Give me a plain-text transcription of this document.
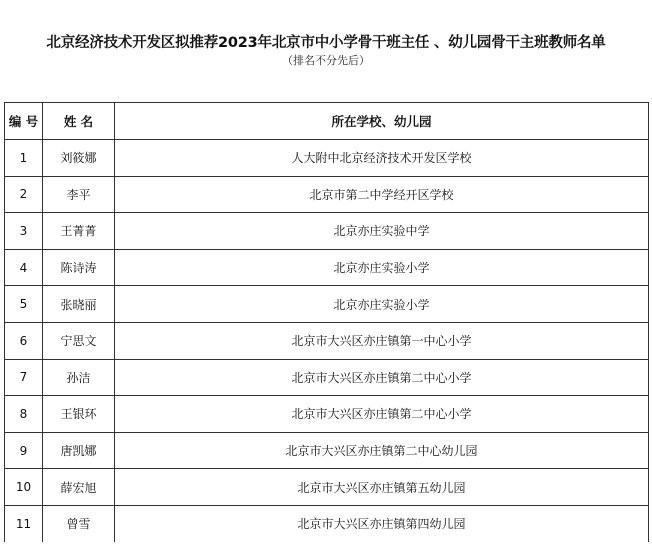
北京经济技术开发区拟推荐2023年北京市中小学骨干班主任 、幼儿园骨干主班教师名单
（排名不分先后）
编 号	姓 名	所在学校、幼儿园
1	刘筱娜	人大附中北京经济技术开发区学校
2	李平	北京市第二中学经开区学校
3	王菁菁	北京亦庄实验中学
4	陈诗涛	北京亦庄实验小学
5	张晓丽	北京亦庄实验小学
6	宁思文	北京市大兴区亦庄镇第一中心小学
7	孙洁	北京市大兴区亦庄镇第二中心小学
8	王银环	北京市大兴区亦庄镇第二中心小学
9	唐凯娜	北京市大兴区亦庄镇第二中心幼儿园
10	薛宏旭	北京市大兴区亦庄镇第五幼儿园
11	曾雪	北京市大兴区亦庄镇第四幼儿园
